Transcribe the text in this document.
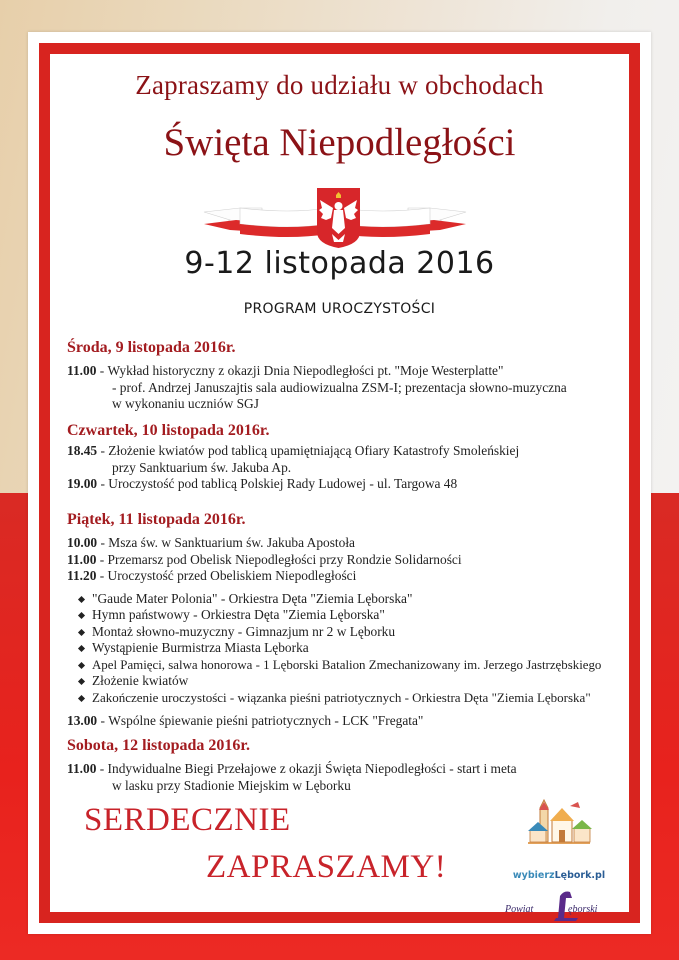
Zapraszamy do udziału w obchodach
Święta Niepodległości
9-12 listopada 2016
PROGRAM UROCZYSTOŚCI
Środa, 9 listopada 2016r.
11.00 - Wykład historyczny z okazji Dnia Niepodległości pt. "Moje Westerplatte"
- prof. Andrzej Januszajtis sala audiowizualna ZSM-I; prezentacja słowno-muzyczna
w wykonaniu uczniów SGJ
Czwartek, 10 listopada 2016r.
18.45 - Złożenie kwiatów pod tablicą upamiętniającą Ofiary Katastrofy Smoleńskiej
przy Sanktuarium św. Jakuba Ap.
19.00 - Uroczystość pod tablicą Polskiej Rady Ludowej - ul. Targowa 48
Piątek, 11 listopada 2016r.
10.00 - Msza św. w Sanktuarium św. Jakuba Apostoła
11.00 - Przemarsz pod Obelisk Niepodległości przy Rondzie Solidarności
11.20 - Uroczystość przed Obeliskiem Niepodległości
"Gaude Mater Polonia" - Orkiestra Dęta "Ziemia Lęborska"
Hymn państwowy - Orkiestra Dęta "Ziemia Lęborska"
Montaż słowno-muzyczny - Gimnazjum nr 2 w Lęborku
Wystąpienie Burmistrza Miasta Lęborka
Apel Pamięci, salwa honorowa - 1 Lęborski Batalion Zmechanizowany im. Jerzego Jastrzębskiego
Złożenie kwiatów
Zakończenie uroczystości - wiązanka pieśni patriotycznych - Orkiestra Dęta "Ziemia Lęborska"
13.00 - Wspólne śpiewanie pieśni patriotycznych - LCK "Fregata"
Sobota, 12 listopada 2016r.
11.00 - Indywidualne Biegi Przełajowe z okazji Święta Niepodległości - start i meta
w lasku przy Stadionie Miejskim w Lęborku
SERDECZNIE
ZAPRASZAMY!	wybierzLębork.pl
Powiat	ęborski
